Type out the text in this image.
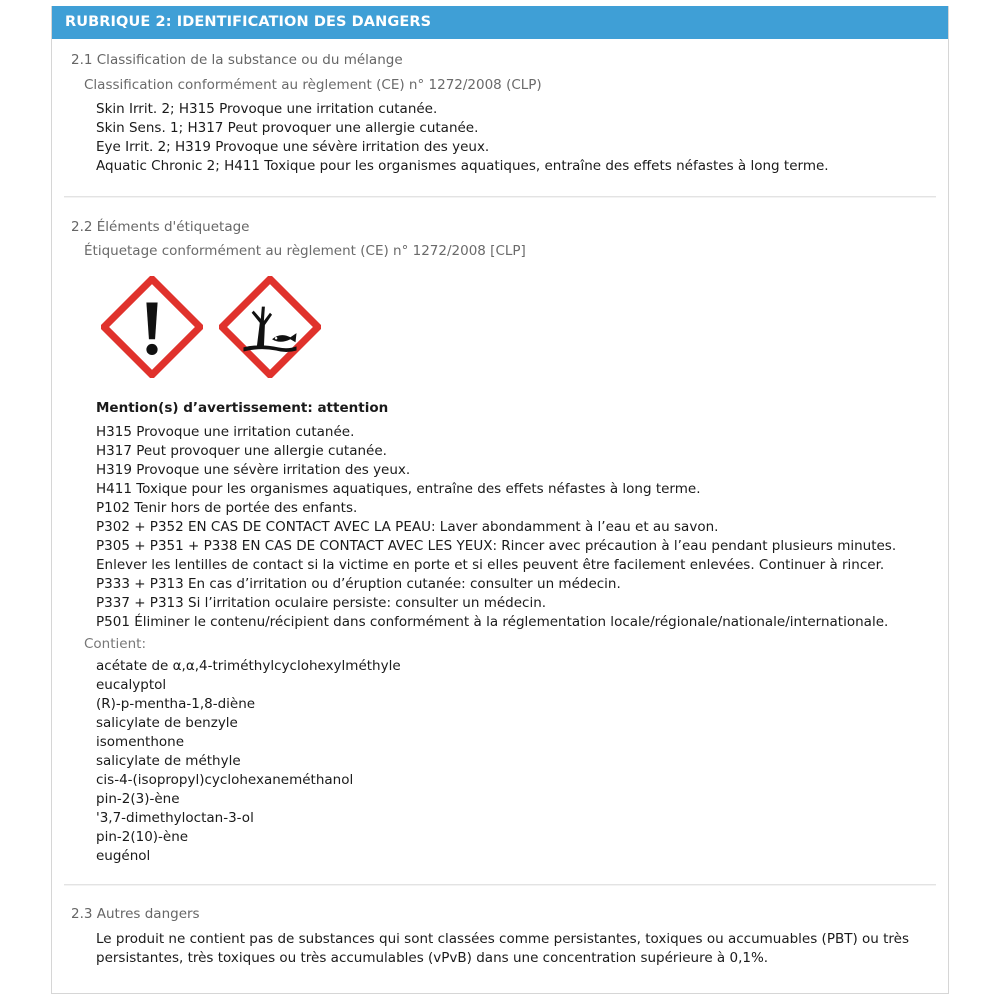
RUBRIQUE 2: IDENTIFICATION DES DANGERS
2.1 Classification de la substance ou du mélange
Classification conformément au règlement (CE) n° 1272/2008 (CLP)
Skin Irrit. 2; H315 Provoque une irritation cutanée.
Skin Sens. 1; H317 Peut provoquer une allergie cutanée.
Eye Irrit. 2; H319 Provoque une sévère irritation des yeux.
Aquatic Chronic 2; H411 Toxique pour les organismes aquatiques, entraîne des effets néfastes à long terme.
2.2 Éléments d'étiquetage
Étiquetage conformément au règlement (CE) n° 1272/2008 [CLP]
Mention(s) d’avertissement: attention
H315 Provoque une irritation cutanée.
H317 Peut provoquer une allergie cutanée.
H319 Provoque une sévère irritation des yeux.
H411 Toxique pour les organismes aquatiques, entraîne des effets néfastes à long terme.
P102 Tenir hors de portée des enfants.
P302 + P352 EN CAS DE CONTACT AVEC LA PEAU: Laver abondamment à l’eau et au savon.
P305 + P351 + P338 EN CAS DE CONTACT AVEC LES YEUX: Rincer avec précaution à l’eau pendant plusieurs minutes.
Enlever les lentilles de contact si la victime en porte et si elles peuvent être facilement enlevées. Continuer à rincer.
P333 + P313 En cas d’irritation ou d’éruption cutanée: consulter un médecin.
P337 + P313 Si l’irritation oculaire persiste: consulter un médecin.
P501 Éliminer le contenu/récipient dans conformément à la réglementation locale/régionale/nationale/internationale.
Contient:
acétate de α,α,4-triméthylcyclohexylméthyle
eucalyptol
(R)-p-mentha-1,8-diène
salicylate de benzyle
isomenthone
salicylate de méthyle
cis-4-(isopropyl)cyclohexaneméthanol
pin-2(3)-ène
'3,7-dimethyloctan-3-ol
pin-2(10)-ène
eugénol
2.3 Autres dangers
Le produit ne contient pas de substances qui sont classées comme persistantes, toxiques ou accumuables (PBT) ou très persistantes, très toxiques ou très accumulables (vPvB) dans une concentration supérieure à 0,1%.
